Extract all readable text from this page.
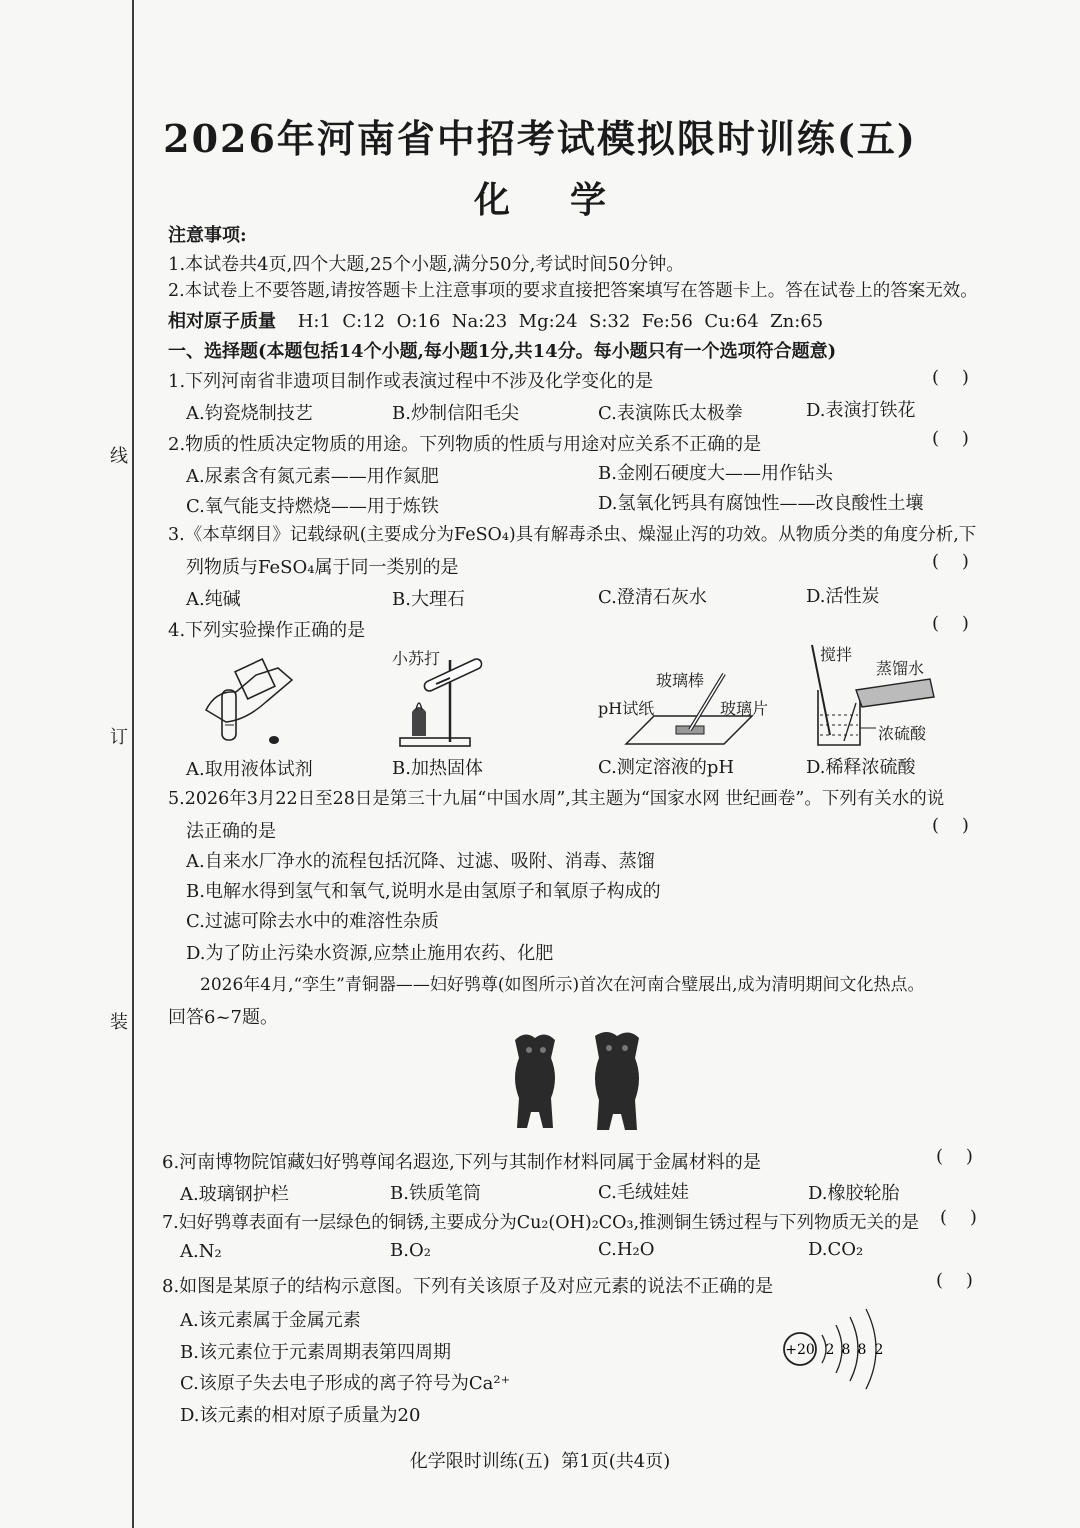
线
订
装
2026年河南省中招考试模拟限时训练(五)
化学
注意事项:
1.本试卷共4页,四个大题,25个小题,满分50分,考试时间50分钟。
2.本试卷上不要答题,请按答题卡上注意事项的要求直接把答案填写在答题卡上。答在试卷上的答案无效。
相对原子质量 H:1  C:12  O:16  Na:23  Mg:24  S:32  Fe:56  Cu:64  Zn:65
一、选择题(本题包括14个小题,每小题1分,共14分。每小题只有一个选项符合题意)
1.下列河南省非遗项目制作或表演过程中不涉及化学变化的是	(    )
A.钧瓷烧制技艺	B.炒制信阳毛尖	C.表演陈氏太极拳	D.表演打铁花
2.物质的性质决定物质的用途。下列物质的性质与用途对应关系不正确的是	(    )
A.尿素含有氮元素——用作氮肥	B.金刚石硬度大——用作钻头
C.氧气能支持燃烧——用于炼铁	D.氢氧化钙具有腐蚀性——改良酸性土壤
3.《本草纲目》记载绿矾(主要成分为FeSO₄)具有解毒杀虫、燥湿止泻的功效。从物质分类的角度分析,下
列物质与FeSO₄属于同一类别的是	(    )
A.纯碱	B.大理石	C.澄清石灰水	D.活性炭
4.下列实验操作正确的是	(    )
小苏打
玻璃棒
pH试纸	玻璃片
搅拌
蒸馏水
浓硫酸
A.取用液体试剂	B.加热固体	C.测定溶液的pH	D.稀释浓硫酸
5.2026年3月22日至28日是第三十九届“中国水周”,其主题为“国家水网 世纪画卷”。下列有关水的说
法正确的是	(    )
A.自来水厂净水的流程包括沉降、过滤、吸附、消毒、蒸馏
B.电解水得到氢气和氧气,说明水是由氢原子和氧原子构成的
C.过滤可除去水中的难溶性杂质
D.为了防止污染水资源,应禁止施用农药、化肥
2026年4月,“孪生”青铜器——妇好鸮尊(如图所示)首次在河南合璧展出,成为清明期间文化热点。
回答6~7题。
6.河南博物院馆藏妇好鸮尊闻名遐迩,下列与其制作材料同属于金属材料的是	(    )
A.玻璃钢护栏	B.铁质笔筒	C.毛绒娃娃	D.橡胶轮胎
7.妇好鸮尊表面有一层绿色的铜锈,主要成分为Cu₂(OH)₂CO₃,推测铜生锈过程与下列物质无关的是 (    )
A.N₂	B.O₂	C.H₂O	D.CO₂
8.如图是某原子的结构示意图。下列有关该原子及对应元素的说法不正确的是	(    )
A.该元素属于金属元素
B.该元素位于元素周期表第四周期
C.该原子失去电子形成的离子符号为Ca²⁺
D.该元素的相对原子质量为20
+20 2 8 8 2
化学限时训练(五)  第1页(共4页)
